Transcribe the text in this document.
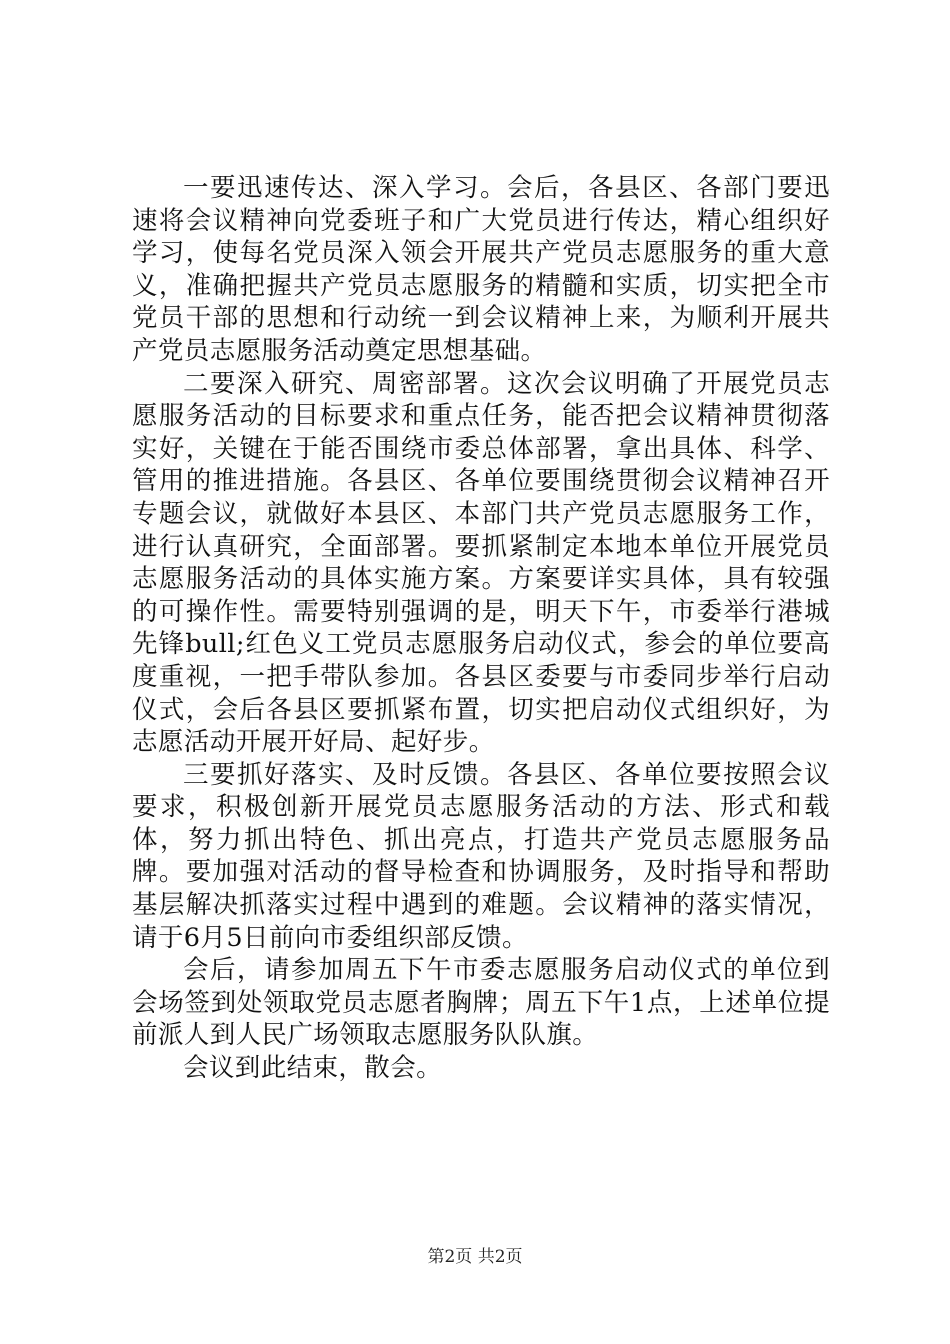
一要迅速传达、深入学习。会后，各县区、各部门要迅速将会议精神向党委班子和广大党员进行传达，精心组织好学习，使每名党员深入领会开展共产党员志愿服务的重大意义，准确把握共产党员志愿服务的精髓和实质，切实把全市党员干部的思想和行动统一到会议精神上来，为顺利开展共产党员志愿服务活动奠定思想基础。

二要深入研究、周密部署。这次会议明确了开展党员志愿服务活动的目标要求和重点任务，能否把会议精神贯彻落实好，关键在于能否围绕市委总体部署，拿出具体、科学、管用的推进措施。各县区、各单位要围绕贯彻会议精神召开专题会议，就做好本县区、本部门共产党员志愿服务工作，进行认真研究，全面部署。要抓紧制定本地本单位开展党员志愿服务活动的具体实施方案。方案要详实具体，具有较强的可操作性。需要特别强调的是，明天下午，市委举行港城先锋bull;红色义工党员志愿服务启动仪式，参会的单位要高度重视，一把手带队参加。各县区委要与市委同步举行启动仪式，会后各县区要抓紧布置，切实把启动仪式组织好，为志愿活动开展开好局、起好步。

三要抓好落实、及时反馈。各县区、各单位要按照会议要求，积极创新开展党员志愿服务活动的方法、形式和载体，努力抓出特色、抓出亮点，打造共产党员志愿服务品牌。要加强对活动的督导检查和协调服务，及时指导和帮助基层解决抓落实过程中遇到的难题。会议精神的落实情况，请于6月5日前向市委组织部反馈。

会后，请参加周五下午市委志愿服务启动仪式的单位到会场签到处领取党员志愿者胸牌；周五下午1点，上述单位提前派人到人民广场领取志愿服务队队旗。

会议到此结束，散会。

第2页 共2页
